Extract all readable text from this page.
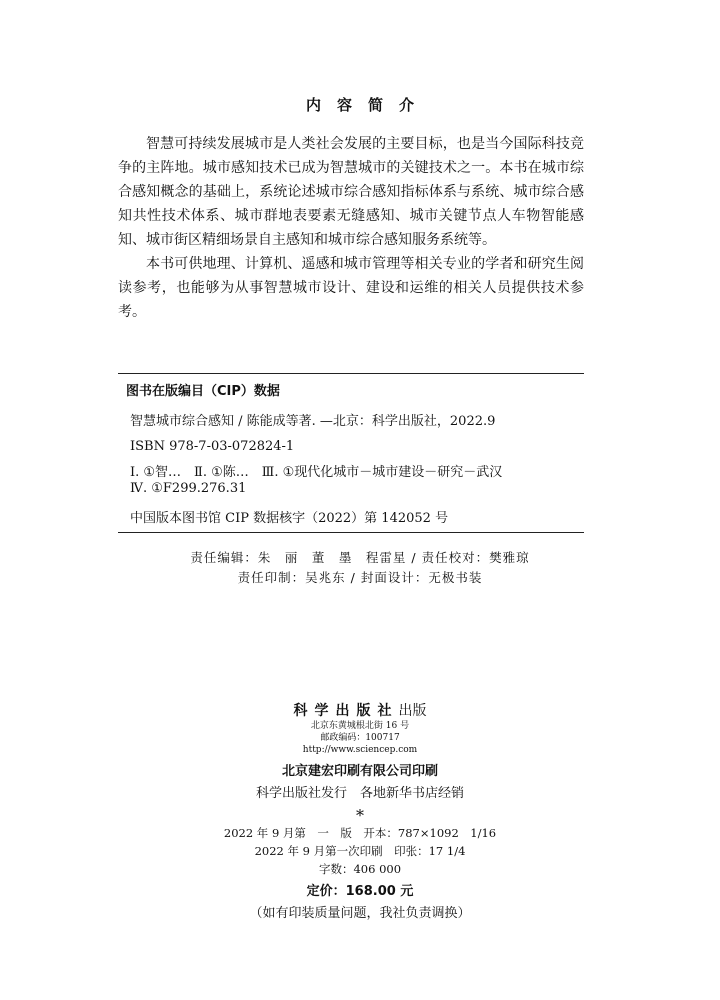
内容简介

智慧可持续发展城市是人类社会发展的主要目标，也是当今国际科技竞争的主阵地。城市感知技术已成为智慧城市的关键技术之一。本书在城市综合感知概念的基础上，系统论述城市综合感知指标体系与系统、城市综合感知共性技术体系、城市群地表要素无缝感知、城市关键节点人车物智能感知、城市街区精细场景自主感知和城市综合感知服务系统等。

本书可供地理、计算机、遥感和城市管理等相关专业的学者和研究生阅读参考，也能够为从事智慧城市设计、建设和运维的相关人员提供技术参考。

图书在版编目（CIP）数据
智慧城市综合感知 / 陈能成等著. —北京：科学出版社，2022.9
ISBN 978-7-03-072824-1
Ⅰ. ①智…　Ⅱ. ①陈…　Ⅲ. ①现代化城市－城市建设－研究－武汉
Ⅳ. ①F299.276.31
中国版本图书馆 CIP 数据核字（2022）第 142052 号
责任编辑：朱　丽　董　墨　程雷星 / 责任校对：樊雅琼
责任印制：吴兆东 / 封面设计：无极书装
科学出版社出版
北京东黄城根北街 16 号
邮政编码：100717
http://www.sciencep.com
北京建宏印刷有限公司印刷
科学出版社发行　各地新华书店经销
*
2022 年 9 月第　一　版　开本：787×1092　1/16
2022 年 9 月第一次印刷　印张：17 1/4
字数：406 000
定价：168.00 元
（如有印装质量问题，我社负责调换）
